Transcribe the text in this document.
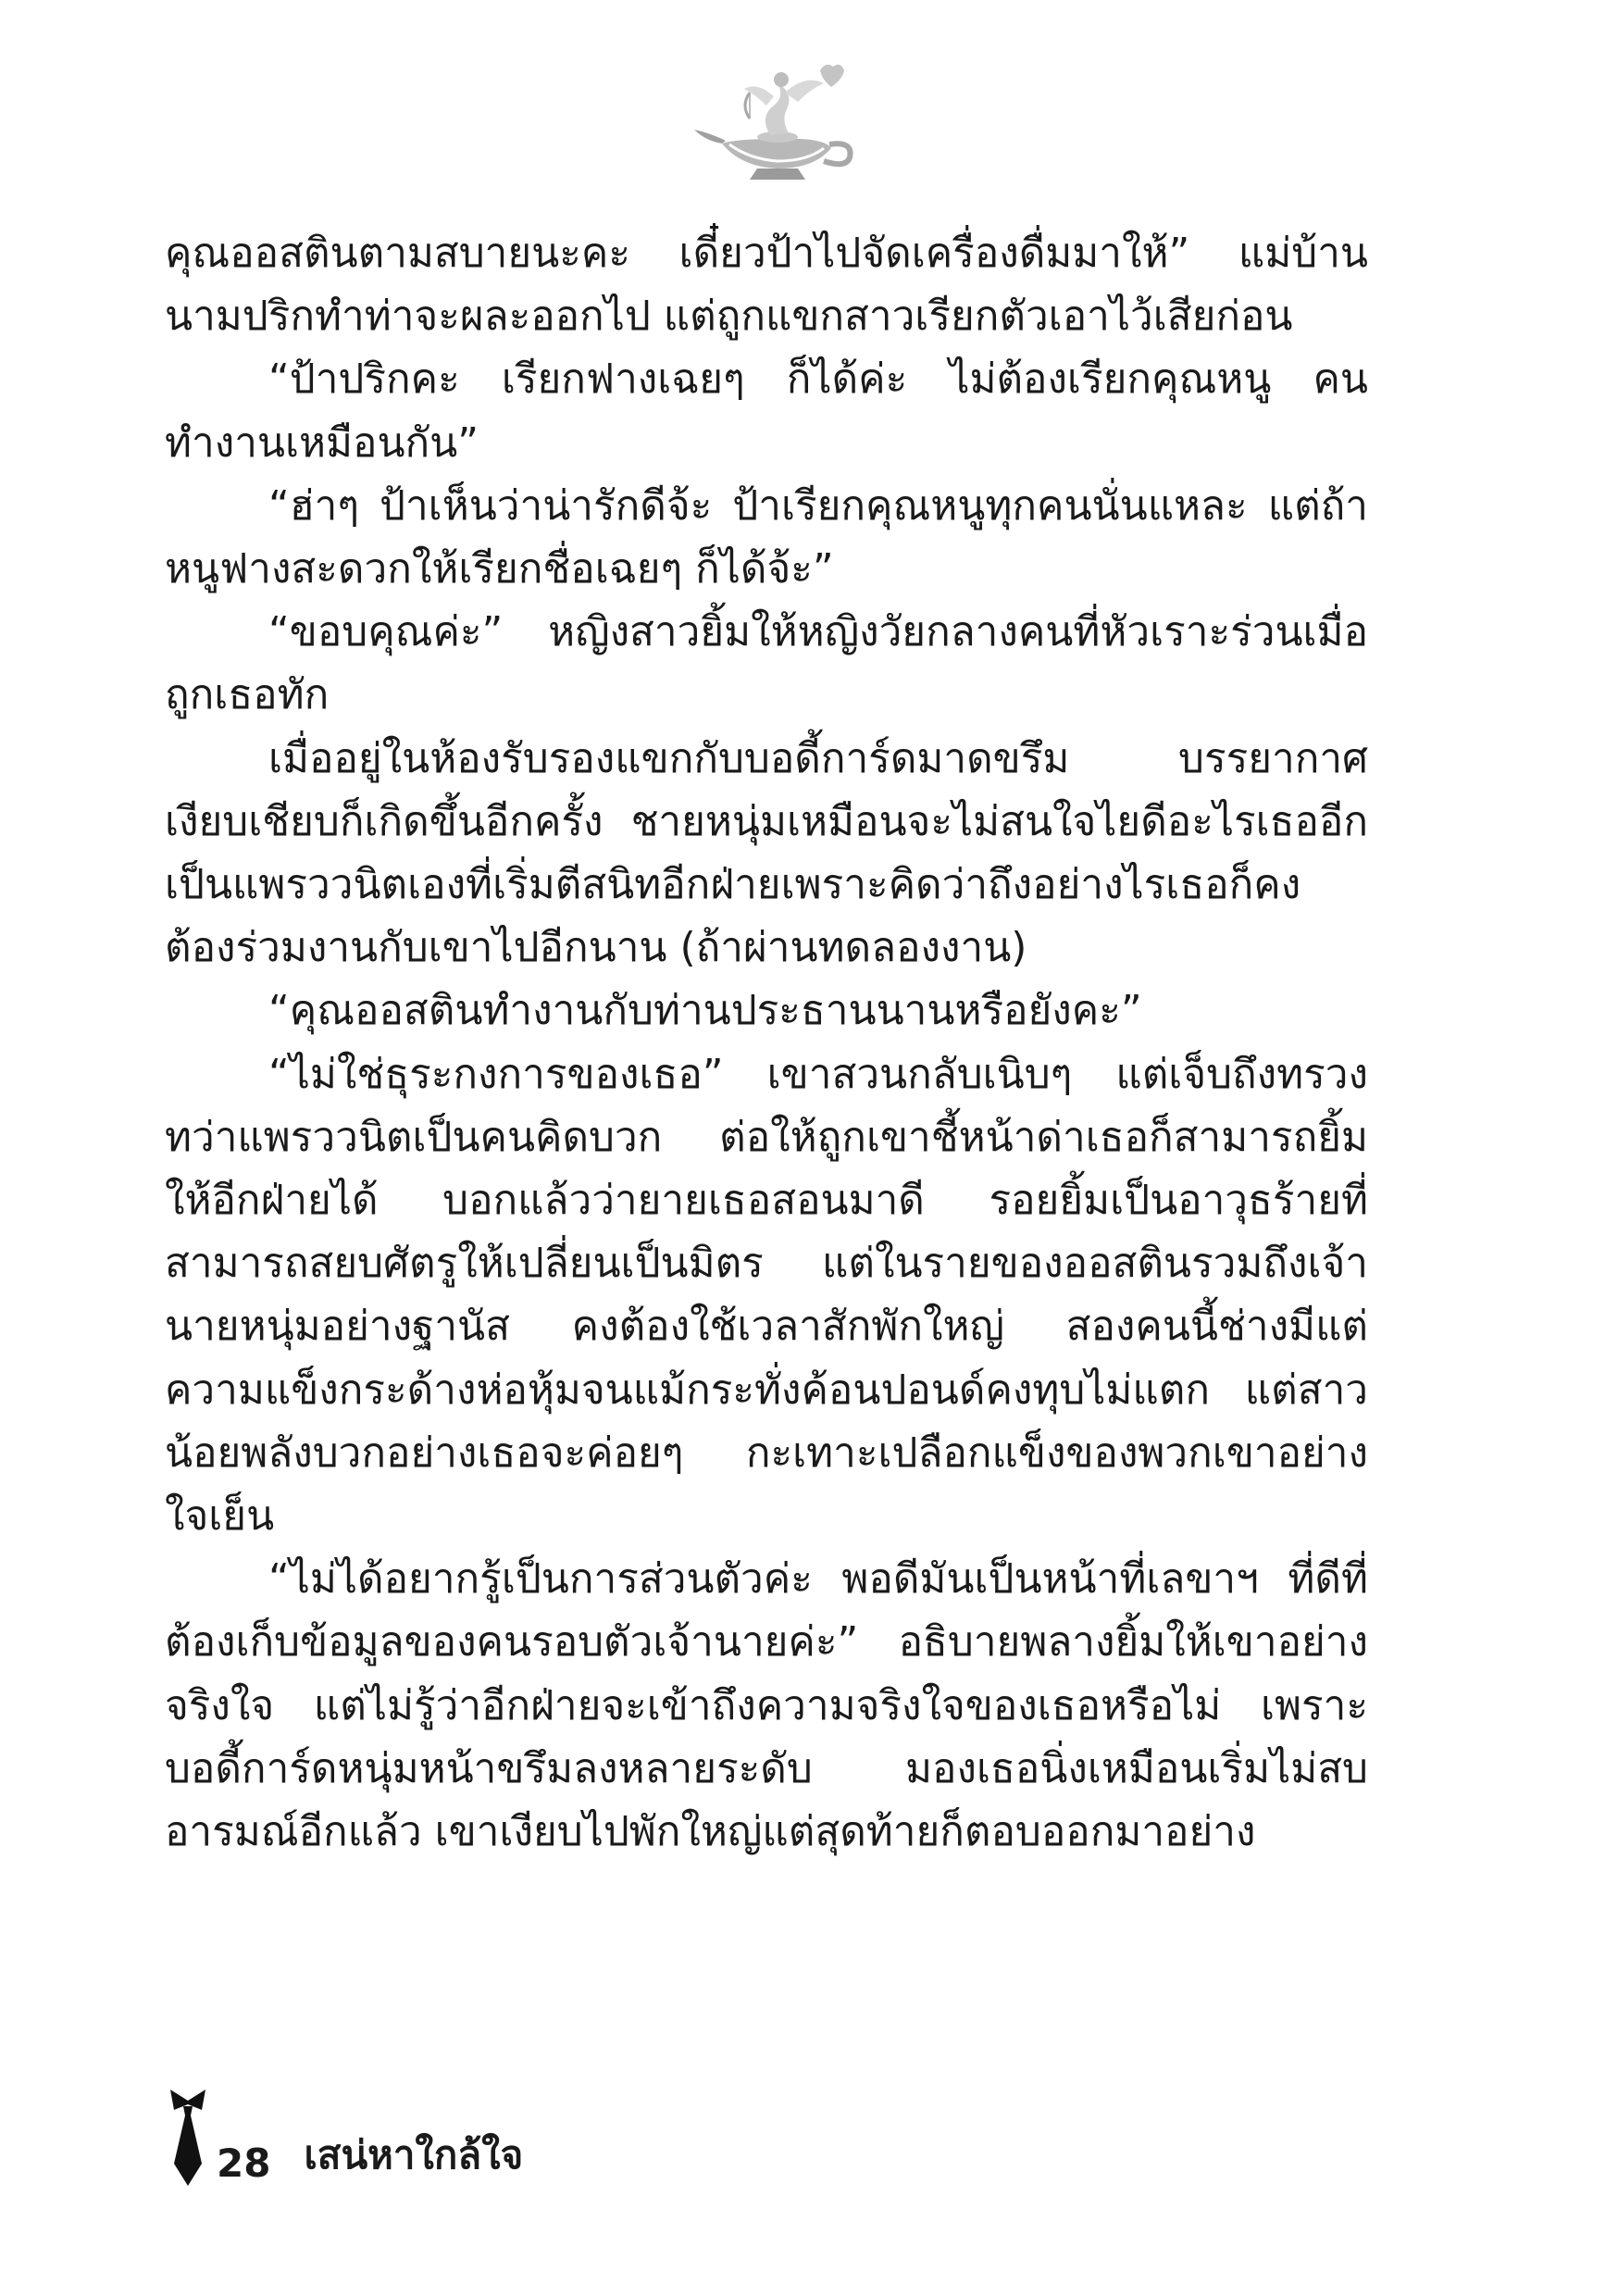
คุณออสตินตามสบายนะคะ เดี๋ยวป้าไปจัดเครื่องดื่มมาให้” แม่บ้านนามปริกทำท่าจะผละออกไป แต่ถูกแขกสาวเรียกตัวเอาไว้เสียก่อน

“ป้าปริกคะ เรียกฟางเฉยๆ ก็ได้ค่ะ ไม่ต้องเรียกคุณหนู คนทำงานเหมือนกัน”

“ฮ่าๆ ป้าเห็นว่าน่ารักดีจ้ะ ป้าเรียกคุณหนูทุกคนนั่นแหละ แต่ถ้าหนูฟางสะดวกให้เรียกชื่อเฉยๆ ก็ได้จ้ะ”

“ขอบคุณค่ะ” หญิงสาวยิ้มให้หญิงวัยกลางคนที่หัวเราะร่วนเมื่อถูกเธอทัก

เมื่ออยู่ในห้องรับรองแขกกับบอดี้การ์ดมาดขรึม บรรยากาศเงียบเชียบก็เกิดขึ้นอีกครั้ง ชายหนุ่มเหมือนจะไม่สนใจไยดีอะไรเธออีก เป็นแพรววนิตเองที่เริ่มตีสนิทอีกฝ่ายเพราะคิดว่าถึงอย่างไรเธอก็คงต้องร่วมงานกับเขาไปอีกนาน (ถ้าผ่านทดลองงาน)

“คุณออสตินทำงานกับท่านประธานนานหรือยังคะ”

“ไม่ใช่ธุระกงการของเธอ” เขาสวนกลับเนิบๆ แต่เจ็บถึงทรวง ทว่าแพรววนิตเป็นคนคิดบวก ต่อให้ถูกเขาชี้หน้าด่าเธอก็สามารถยิ้มให้อีกฝ่ายได้ บอกแล้วว่ายายเธอสอนมาดี รอยยิ้มเป็นอาวุธร้ายที่สามารถสยบศัตรูให้เปลี่ยนเป็นมิตร แต่ในรายของออสตินรวมถึงเจ้านายหนุ่มอย่างฐานัส คงต้องใช้เวลาสักพักใหญ่ สองคนนี้ช่างมีแต่ความแข็งกระด้างห่อหุ้มจนแม้กระทั่งค้อนปอนด์คงทุบไม่แตก แต่สาวน้อยพลังบวกอย่างเธอจะค่อยๆ กะเทาะเปลือกแข็งของพวกเขาอย่างใจเย็น

“ไม่ได้อยากรู้เป็นการส่วนตัวค่ะ พอดีมันเป็นหน้าที่เลขาฯ ที่ดีที่ต้องเก็บข้อมูลของคนรอบตัวเจ้านายค่ะ” อธิบายพลางยิ้มให้เขาอย่างจริงใจ แต่ไม่รู้ว่าอีกฝ่ายจะเข้าถึงความจริงใจของเธอหรือไม่ เพราะบอดี้การ์ดหนุ่มหน้าขรึมลงหลายระดับ มองเธอนิ่งเหมือนเริ่มไม่สบอารมณ์อีกแล้ว เขาเงียบไปพักใหญ่แต่สุดท้ายก็ตอบออกมาอย่าง

28 เสน่หาใกล้ใจ
